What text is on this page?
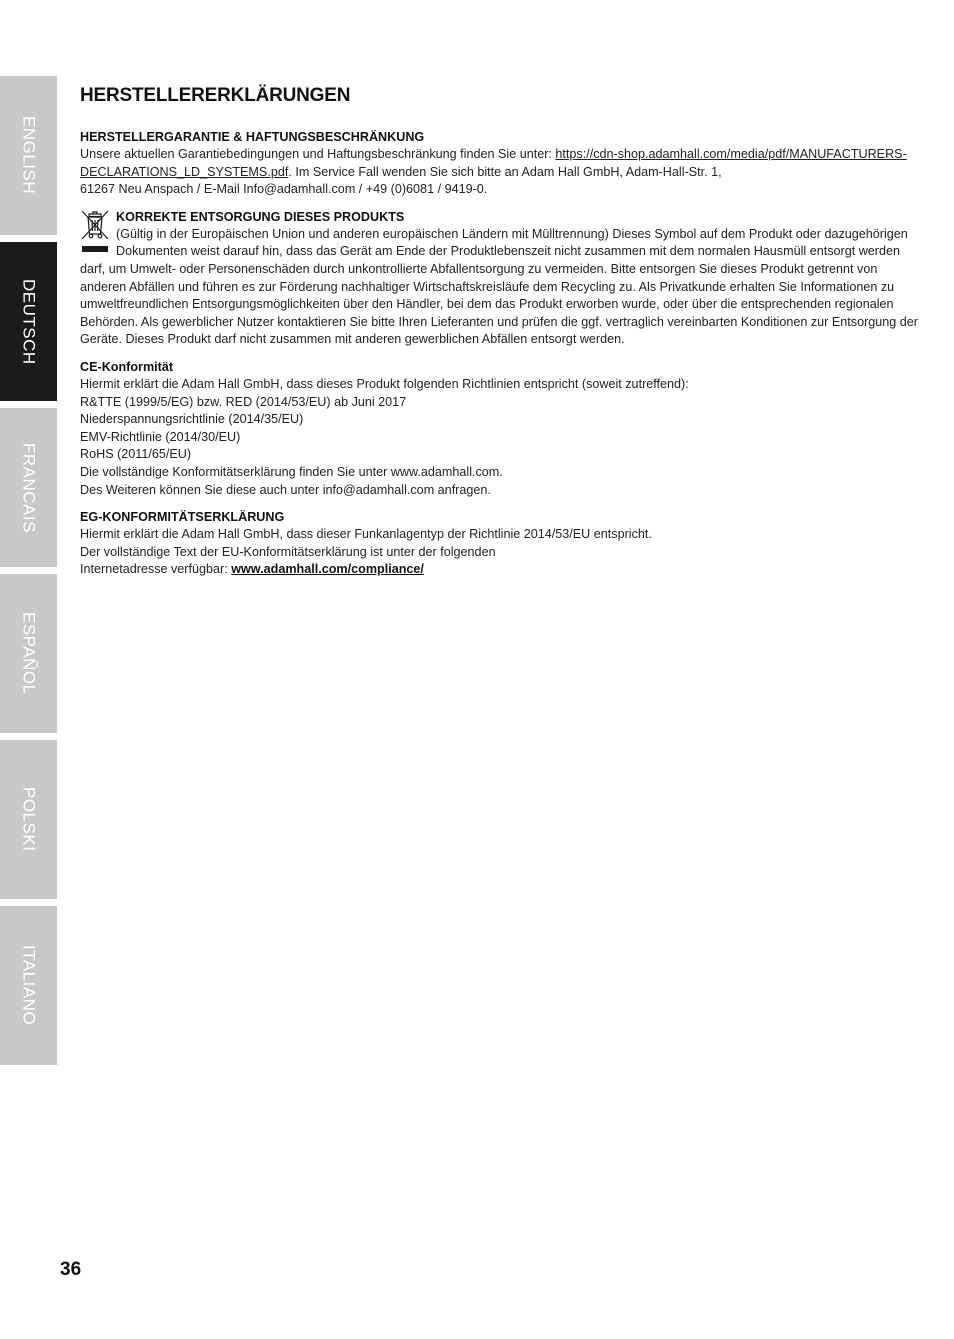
ENGLISH
DEUTSCH
FRANCAIS
ESPAÑOL
POLSKI
ITALIANO
HERSTELLERERKLÄRUNGEN
HERSTELLERGARANTIE & HAFTUNGSBESCHRÄNKUNG
Unsere aktuellen Garantiebedingungen und Haftungsbeschränkung finden Sie unter: https://cdn-shop.adamhall.com/media/pdf/MANUFACTURERS-
DECLARATIONS_LD_SYSTEMS.pdf. Im Service Fall wenden Sie sich bitte an Adam Hall GmbH, Adam-Hall-Str. 1,
61267 Neu Anspach / E-Mail Info@adamhall.com / +49 (0)6081 / 9419-0.
KORREKTE ENTSORGUNG DIESES PRODUKTS
(Gültig in der Europäischen Union und anderen europäischen Ländern mit Mülltrennung) Dieses Symbol auf dem Produkt oder dazugehörigen
Dokumenten weist darauf hin, dass das Gerät am Ende der Produktlebenszeit nicht zusammen mit dem normalen Hausmüll entsorgt werden
darf, um Umwelt- oder Personenschäden durch unkontrollierte Abfallentsorgung zu vermeiden. Bitte entsorgen Sie dieses Produkt getrennt von
anderen Abfällen und führen es zur Förderung nachhaltiger Wirtschaftskreisläufe dem Recycling zu. Als Privatkunde erhalten Sie Informationen zu
umweltfreundlichen Entsorgungsmöglichkeiten über den Händler, bei dem das Produkt erworben wurde, oder über die entsprechenden regionalen
Behörden. Als gewerblicher Nutzer kontaktieren Sie bitte Ihren Lieferanten und prüfen die ggf. vertraglich vereinbarten Konditionen zur Entsorgung der
Geräte. Dieses Produkt darf nicht zusammen mit anderen gewerblichen Abfällen entsorgt werden.
CE-Konformität
Hiermit erklärt die Adam Hall GmbH, dass dieses Produkt folgenden Richtlinien entspricht (soweit zutreffend):
R&TTE (1999/5/EG) bzw. RED (2014/53/EU) ab Juni 2017
Niederspannungsrichtlinie (2014/35/EU)
EMV-Richtlinie (2014/30/EU)
RoHS (2011/65/EU)
Die vollständige Konformitätserklärung finden Sie unter www.adamhall.com.
Des Weiteren können Sie diese auch unter info@adamhall.com anfragen.
EG-KONFORMITÄTSERKLÄRUNG
Hiermit erklärt die Adam Hall GmbH, dass dieser Funkanlagentyp der Richtlinie 2014/53/EU entspricht.
Der vollständige Text der EU-Konformitätserklärung ist unter der folgenden
Internetadresse verfügbar: www.adamhall.com/compliance/
36
